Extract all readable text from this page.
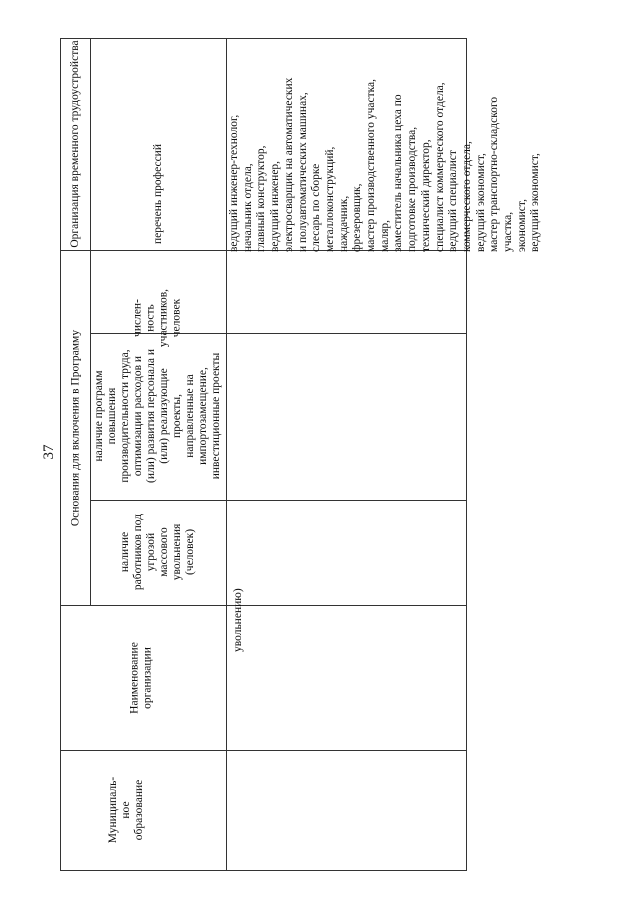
37
Организация временного трудоустройства
Основания для включения в Программу
перечень профессий
числен-
ность
участников,
человек
наличие программ
повышения
производительности труда,
оптимизации расходов и
(или) развития персонала и
(или) реализующие проекты,
направленные на
импортозамещение,
инвестиционные проекты
наличие
работников под
угрозой
массового
увольнения
(человек)
Наименование
организации
Муниципаль-
ное
образование
увольнению)
ведущий инженер-технолог,
начальник отдела,
главный конструктор,
ведущий инженер,
электросварщик на автоматических
и полуавтоматических машинах,
слесарь по сборке
металлоконструкций,
наждачник,
фрезеровщик,
мастер производственного участка,
маляр,
заместитель начальника цеха по
подготовке производства,
технический директор,
специалист коммерческого отдела,
ведущий специалист
коммерческого отдела,
ведущий экономист,
мастер транспортно-складского
участка,
экономист,
ведущий экономист,
